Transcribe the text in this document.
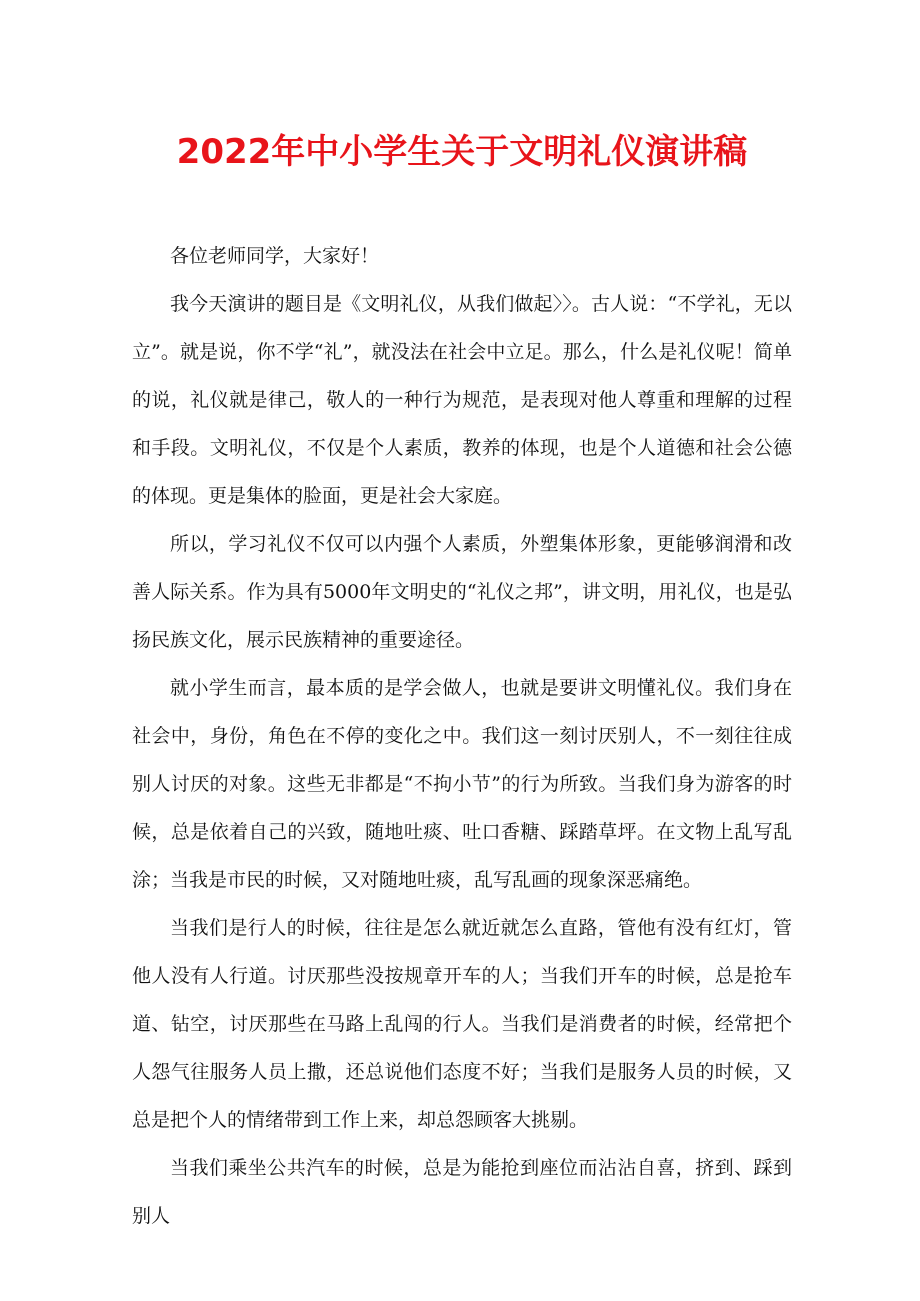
2022年中小学生关于文明礼仪演讲稿

各位老师同学，大家好！

我今天演讲的题目是《文明礼仪，从我们做起〉〉。古人说：“不学礼，无以立”。就是说，你不学“礼”，就没法在社会中立足。那么，什么是礼仪呢！简单的说，礼仪就是律己，敬人的一种行为规范，是表现对他人尊重和理解的过程和手段。文明礼仪，不仅是个人素质，教养的体现，也是个人道德和社会公德的体现。更是集体的脸面，更是社会大家庭。

所以，学习礼仪不仅可以内强个人素质，外塑集体形象，更能够润滑和改善人际关系。作为具有5000年文明史的“礼仪之邦”，讲文明，用礼仪，也是弘扬民族文化，展示民族精神的重要途径。

就小学生而言，最本质的是学会做人，也就是要讲文明懂礼仪。我们身在社会中，身份，角色在不停的变化之中。我们这一刻讨厌别人，不一刻往往成别人讨厌的对象。这些无非都是“不拘小节”的行为所致。当我们身为游客的时候，总是依着自己的兴致，随地吐痰、吐口香糖、踩踏草坪。在文物上乱写乱涂；当我是市民的时候，又对随地吐痰，乱写乱画的现象深恶痛绝。

当我们是行人的时候，往往是怎么就近就怎么直路，管他有没有红灯，管他人没有人行道。讨厌那些没按规章开车的人；当我们开车的时候，总是抢车道、钻空，讨厌那些在马路上乱闯的行人。当我们是消费者的时候，经常把个人怨气往服务人员上撒，还总说他们态度不好；当我们是服务人员的时候，又总是把个人的情绪带到工作上来，却总怨顾客大挑剔。

当我们乘坐公共汽车的时候，总是为能抢到座位而沾沾自喜，挤到、踩到别人
